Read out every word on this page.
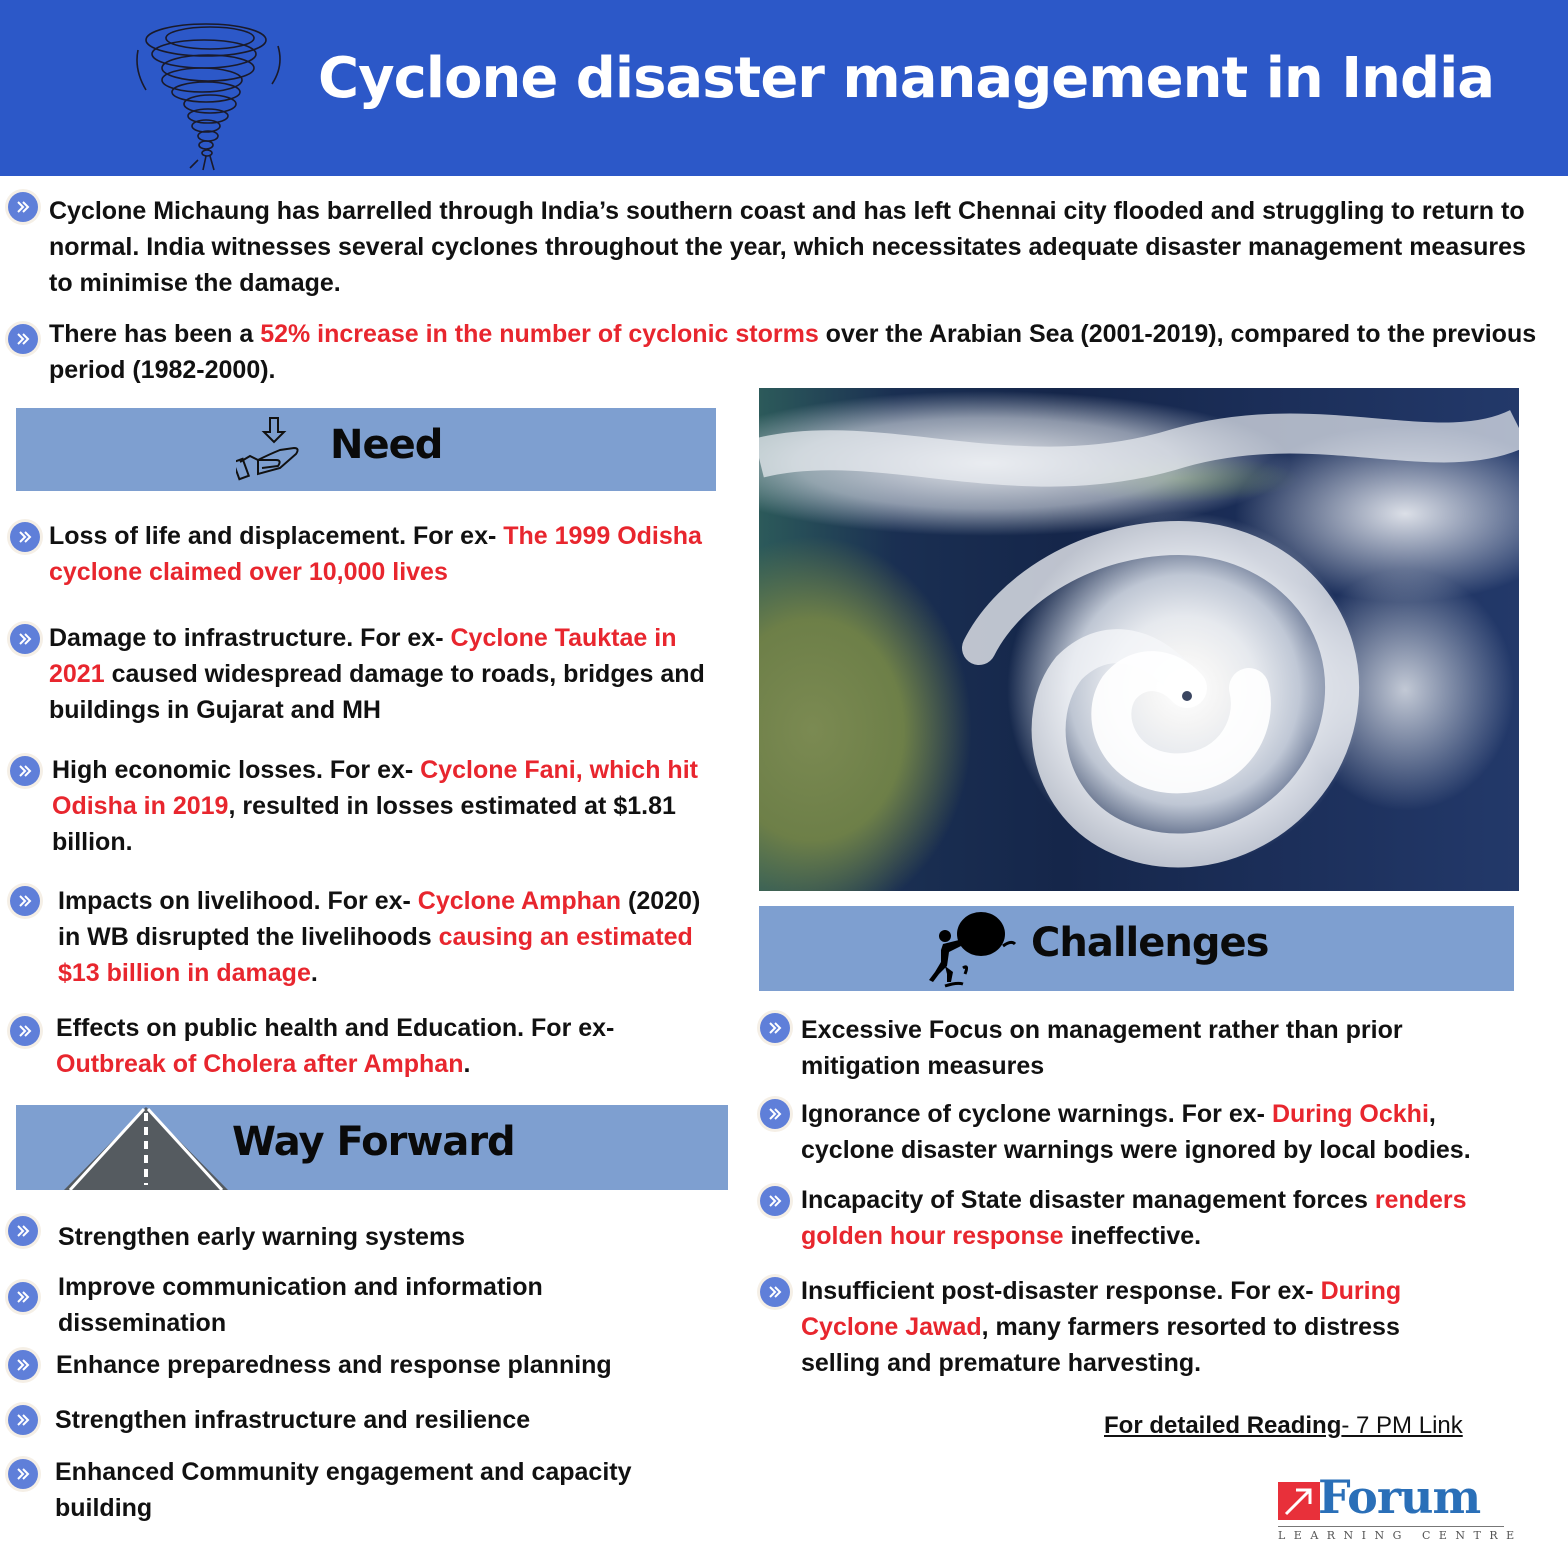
Cyclone disaster management in India
Cyclone Michaung has barrelled through India’s southern coast and has left Chennai city flooded and struggling to return to normal. India witnesses several cyclones throughout the year, which necessitates adequate disaster management measures to minimise the damage.
There has been a 52% increase in the number of cyclonic storms over the Arabian Sea (2001-2019), compared to the previous period (1982-2000).
Need
Loss of life and displacement. For ex- The 1999 Odisha cyclone claimed over 10,000 lives
Damage to infrastructure. For ex- Cyclone Tauktae in 2021 caused widespread damage to roads, bridges and buildings in Gujarat and MH
High economic losses. For ex- Cyclone Fani, which hit Odisha in 2019, resulted in losses estimated at $1.81 billion.
Impacts on livelihood. For ex- Cyclone Amphan (2020) in WB disrupted the livelihoods causing an estimated $13 billion in damage.
Effects on public health and Education. For ex- Outbreak of Cholera after Amphan.
Way Forward
Strengthen early warning systems
Improve communication and information dissemination
Enhance preparedness and response planning
Strengthen infrastructure and resilience
Enhanced Community engagement and capacity building
Challenges
Excessive Focus on management rather than prior mitigation measures
Ignorance of cyclone warnings. For ex- During Ockhi, cyclone disaster warnings were ignored by local bodies.
Incapacity of State disaster management forces renders golden hour response ineffective.
Insufficient post-disaster response. For ex- During Cyclone Jawad, many farmers resorted to distress selling and premature harvesting.
For detailed Reading- 7 PM Link
Forum
LEARNING CENTRE
